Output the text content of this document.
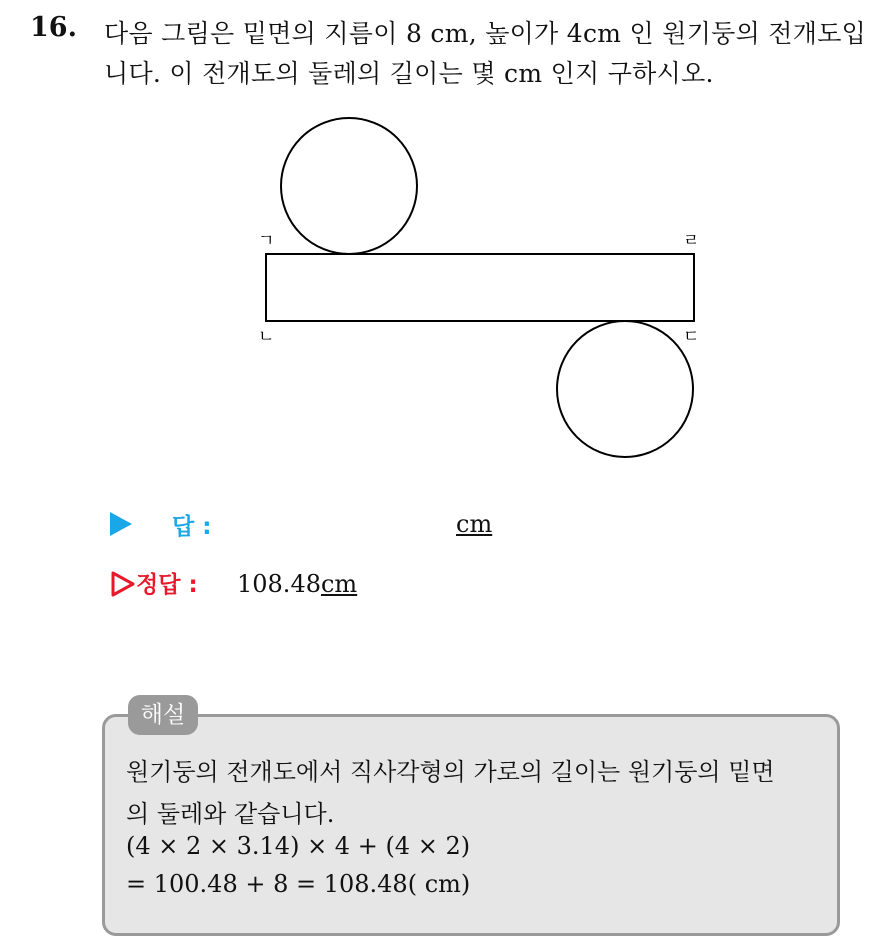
16. 다음 그림은 밑면의 지름이 8 cm, 높이가 4cm 인 원기둥의 전개도입
니다. 이 전개도의 둘레의 길이는 몇 cm 인지 구하시오.
ㄱ	ㄹ
ㄴ	ㄷ
답 :	cm
정답 : 108.48cm
해설
원기둥의 전개도에서 직사각형의 가로의 길이는 원기둥의 밑면
의 둘레와 같습니다.
(4 × 2 × 3.14) × 4 + (4 × 2)
= 100.48 + 8 = 108.48( cm)
